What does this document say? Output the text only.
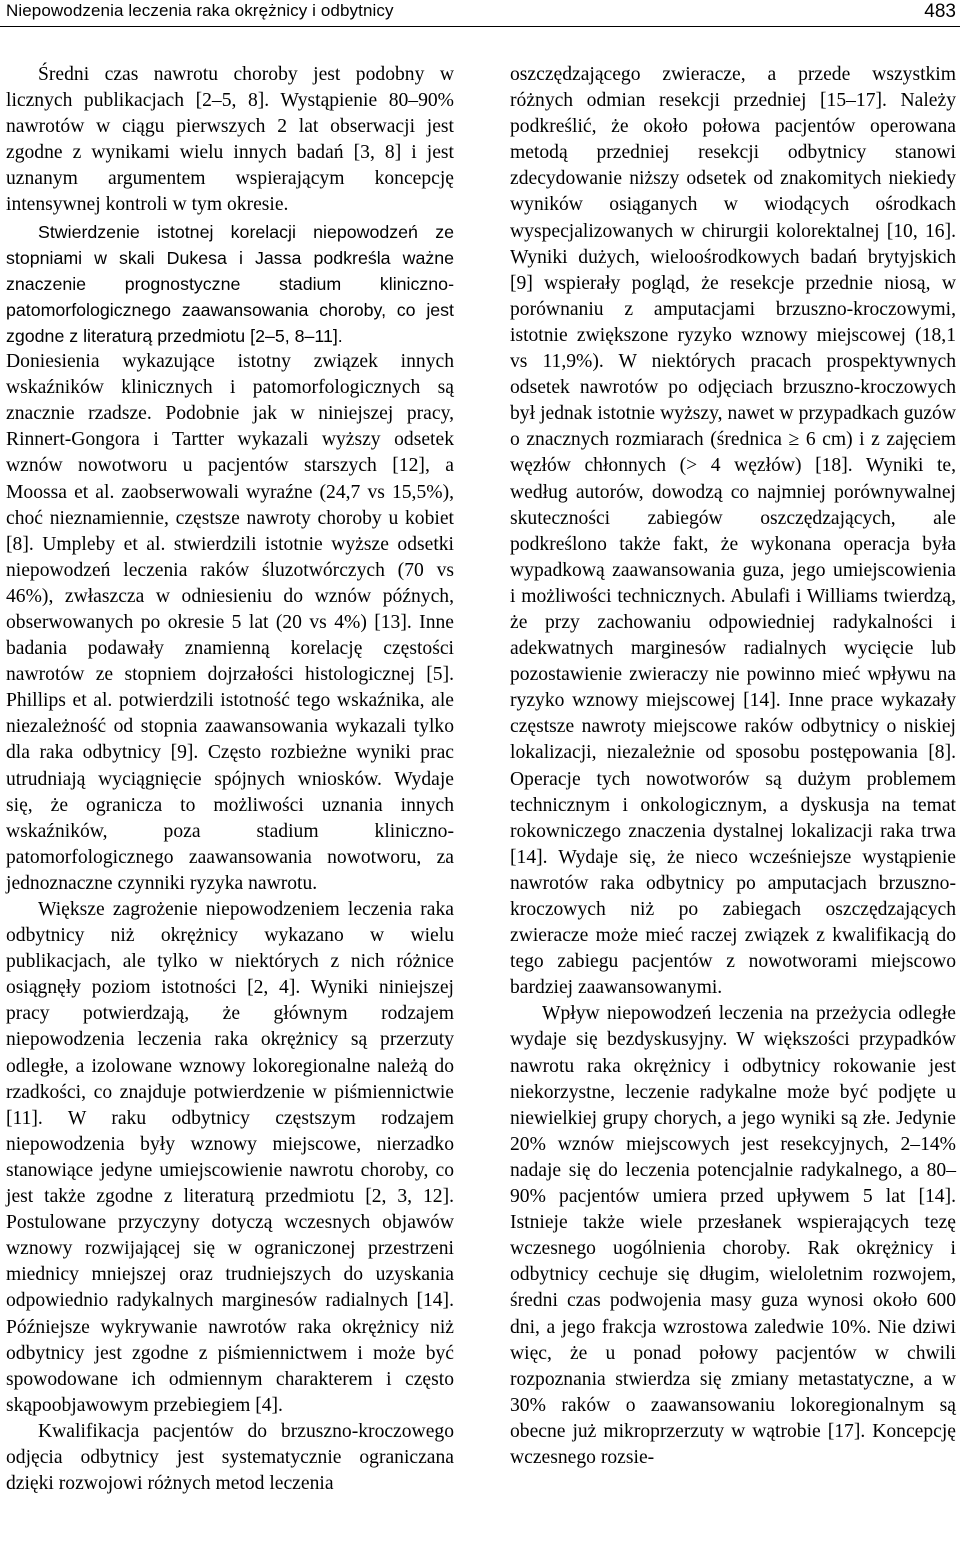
Niepowodzenia leczenia raka okrężnicy i odbytnicy	483

Średni czas nawrotu choroby jest podobny w licznych publikacjach [2–5, 8]. Wystąpienie 80–90% nawrotów w ciągu pierwszych 2 lat obserwacji jest zgodne z wynikami wielu innych badań [3, 8] i jest uznanym argumentem wspierającym koncepcję intensywnej kontroli w tym okresie.

Stwierdzenie istotnej korelacji niepowodzeń ze stopniami w skali Dukesa i Jassa podkreśla ważne znaczenie prognostyczne stadium kliniczno-patomorfologicznego zaawansowania choroby, co jest zgodne z literaturą przedmiotu [2–5, 8–11].

Doniesienia wykazujące istotny związek innych wskaźników klinicznych i patomorfologicznych są znacznie rzadsze. Podobnie jak w niniejszej pracy, Rinnert-Gongora i Tartter wykazali wyższy odsetek wznów nowotworu u pacjentów starszych [12], a Moossa et al. zaobserwowali wyraźne (24,7 vs 15,5%), choć nieznamiennie, częstsze nawroty choroby u kobiet [8]. Umpleby et al. stwierdzili istotnie wyższe odsetki niepowodzeń leczenia raków śluzotwórczych (70 vs 46%), zwłaszcza w odniesieniu do wznów późnych, obserwowanych po okresie 5 lat (20 vs 4%) [13]. Inne badania podawały znamienną korelację częstości nawrotów ze stopniem dojrzałości histologicznej [5]. Phillips et al. potwierdzili istotność tego wskaźnika, ale niezależność od stopnia zaawansowania wykazali tylko dla raka odbytnicy [9]. Często rozbieżne wyniki prac utrudniają wyciągnięcie spójnych wniosków. Wydaje się, że ogranicza to możliwości uznania innych wskaźników, poza stadium kliniczno-patomorfologicznego zaawansowania nowotworu, za jednoznaczne czynniki ryzyka nawrotu.

Większe zagrożenie niepowodzeniem leczenia raka odbytnicy niż okrężnicy wykazano w wielu publikacjach, ale tylko w niektórych z nich różnice osiągnęły poziom istotności [2, 4]. Wyniki niniejszej pracy potwierdzają, że głównym rodzajem niepowodzenia leczenia raka okrężnicy są przerzuty odległe, a izolowane wznowy lokoregionalne należą do rzadkości, co znajduje potwierdzenie w piśmiennictwie [11]. W raku odbytnicy częstszym rodzajem niepowodzenia były wznowy miejscowe, nierzadko stanowiące jedyne umiejscowienie nawrotu choroby, co jest także zgodne z literaturą przedmiotu [2, 3, 12]. Postulowane przyczyny dotyczą wczesnych objawów wznowy rozwijającej się w ograniczonej przestrzeni miednicy mniejszej oraz trudniejszych do uzyskania odpowiednio radykalnych marginesów radialnych [14]. Późniejsze wykrywanie nawrotów raka okrężnicy niż odbytnicy jest zgodne z piśmiennictwem i może być spowodowane ich odmiennym charakterem i często skąpoobjawowym przebiegiem [4].

Kwalifikacja pacjentów do brzuszno-kroczowego odjęcia odbytnicy jest systematycznie ograniczana dzięki rozwojowi różnych metod leczenia

oszczędzającego zwieracze, a przede wszystkim różnych odmian resekcji przedniej [15–17]. Należy podkreślić, że około połowa pacjentów operowana metodą przedniej resekcji odbytnicy stanowi zdecydowanie niższy odsetek od znakomitych niekiedy wyników osiąganych w wiodących ośrodkach wyspecjalizowanych w chirurgii kolorektalnej [10, 16]. Wyniki dużych, wieloośrodkowych badań brytyjskich [9] wspierały pogląd, że resekcje przednie niosą, w porównaniu z amputacjami brzuszno-kroczowymi, istotnie zwiększone ryzyko wznowy miejscowej (18,1 vs 11,9%). W niektórych pracach prospektywnych odsetek nawrotów po odjęciach brzuszno-kroczowych był jednak istotnie wyższy, nawet w przypadkach guzów o znacznych rozmiarach (średnica ≥ 6 cm) i z zajęciem węzłów chłonnych (> 4 węzłów) [18]. Wyniki te, według autorów, dowodzą co najmniej porównywalnej skuteczności zabiegów oszczędzających, ale podkreślono także fakt, że wykonana operacja była wypadkową zaawansowania guza, jego umiejscowienia i możliwości technicznych. Abulafi i Williams twierdzą, że przy zachowaniu odpowiedniej radykalności i adekwatnych marginesów radialnych wycięcie lub pozostawienie zwieraczy nie powinno mieć wpływu na ryzyko wznowy miejscowej [14]. Inne prace wykazały częstsze nawroty miejscowe raków odbytnicy o niskiej lokalizacji, niezależnie od sposobu postępowania [8]. Operacje tych nowotworów są dużym problemem technicznym i onkologicznym, a dyskusja na temat rokowniczego znaczenia dystalnej lokalizacji raka trwa [14]. Wydaje się, że nieco wcześniejsze wystąpienie nawrotów raka odbytnicy po amputacjach brzuszno-kroczowych niż po zabiegach oszczędzających zwieracze może mieć raczej związek z kwalifikacją do tego zabiegu pacjentów z nowotworami miejscowo bardziej zaawansowanymi.

Wpływ niepowodzeń leczenia na przeżycia odległe wydaje się bezdyskusyjny. W większości przypadków nawrotu raka okrężnicy i odbytnicy rokowanie jest niekorzystne, leczenie radykalne może być podjęte u niewielkiej grupy chorych, a jego wyniki są złe. Jedynie 20% wznów miejscowych jest resekcyjnych, 2–14% nadaje się do leczenia potencjalnie radykalnego, a 80–90% pacjentów umiera przed upływem 5 lat [14]. Istnieje także wiele przesłanek wspierających tezę wczesnego uogólnienia choroby. Rak okrężnicy i odbytnicy cechuje się długim, wieloletnim rozwojem, średni czas podwojenia masy guza wynosi około 600 dni, a jego frakcja wzrostowa zaledwie 10%. Nie dziwi więc, że u ponad połowy pacjentów w chwili rozpoznania stwierdza się zmiany metastatyczne, a w 30% raków o zaawansowaniu lokoregionalnym są obecne już mikroprzerzuty w wątrobie [17]. Koncepcję wczesnego rozsie-
